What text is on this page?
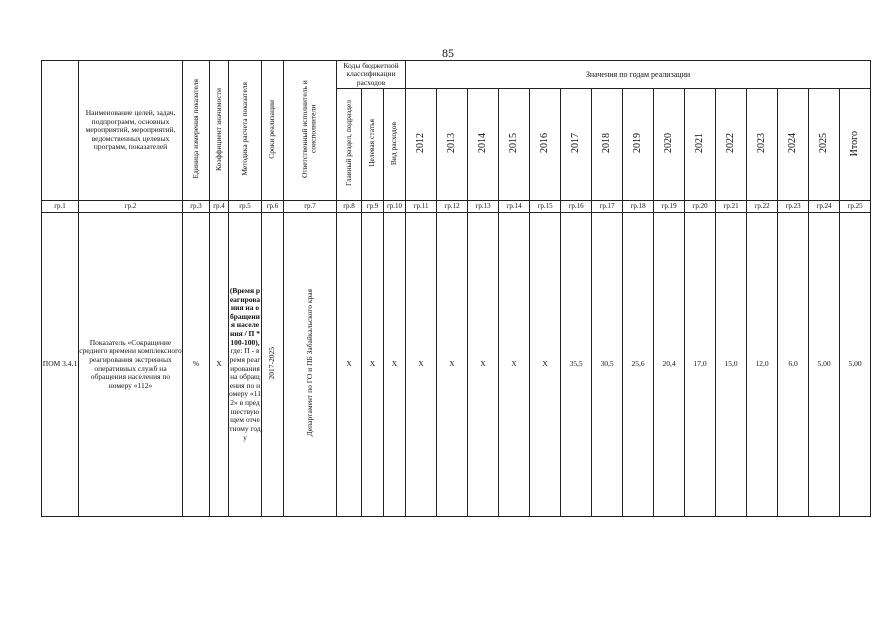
85
	Наименование целей, задач, подпрограмм, основных мероприятий, мероприятий, ведомственных целевых программ, показателей	Единица измерения показателя	Коэффициент значимости	Методика расчета показателя	Сроки реализации	Ответственный исполнитель и соисполнители	Коды бюджетной классификации расходов			Значения по годам реализации														
							Главный раздел, подраздел	Целевая статья	Вид расходов	2012	2013	2014	2015	2016	2017	2018	2019	2020	2021	2022	2023	2024	2025	Итого
гр.1	гр.2	гр.3	гр.4	гр.5	гр.6	гр.7	гр.8	гр.9	гр.10	гр.11	гр.12	гр.13	гр.14	гр.15	гр.16	гр.17	гр.18	гр.19	гр.20	гр.21	гр.22	гр.23	гр.24	гр.25
ПОМ 3.4.1	Показатель «Сокращение среднего времени комплексного реагирования экстренных оперативных служб на обращения населения по номеру «112»	%	X	(Время реагирования на обращения населения / П *100-100), где: П - время реагирования на обращения по номеру «112» в предшествующем отчетному году	2017-2025	Департамент по ГО и ПБ Забайкальского края	X	X	X	X	X	X	X	X	35,5	30,5	25,6	20,4	17,0	15,0	12,0	6,0	5,00	5,00
